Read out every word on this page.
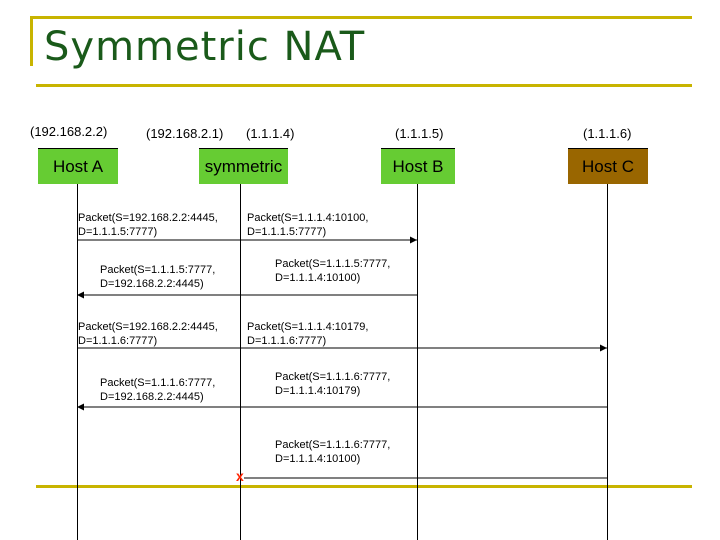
Symmetric NAT
(192.168.2.2)	(192.168.2.1) (1.1.1.4)	(1.1.1.5)	(1.1.1.6)
Host A	symmetric	Host B	Host C
Packet(S=192.168.2.2:4445,
D=1.1.1.5:7777)
Packet(S=1.1.1.4:10100,
D=1.1.1.5:7777)
Packet(S=1.1.1.5:7777,
D=192.168.2.2:4445)
Packet(S=1.1.1.5:7777,
D=1.1.1.4:10100)
Packet(S=192.168.2.2:4445,
D=1.1.1.6:7777)
Packet(S=1.1.1.4:10179,
D=1.1.1.6:7777)
Packet(S=1.1.1.6:7777,
D=192.168.2.2:4445)
Packet(S=1.1.1.6:7777,
D=1.1.1.4:10179)
Packet(S=1.1.1.6:7777,
D=1.1.1.4:10100)
x
